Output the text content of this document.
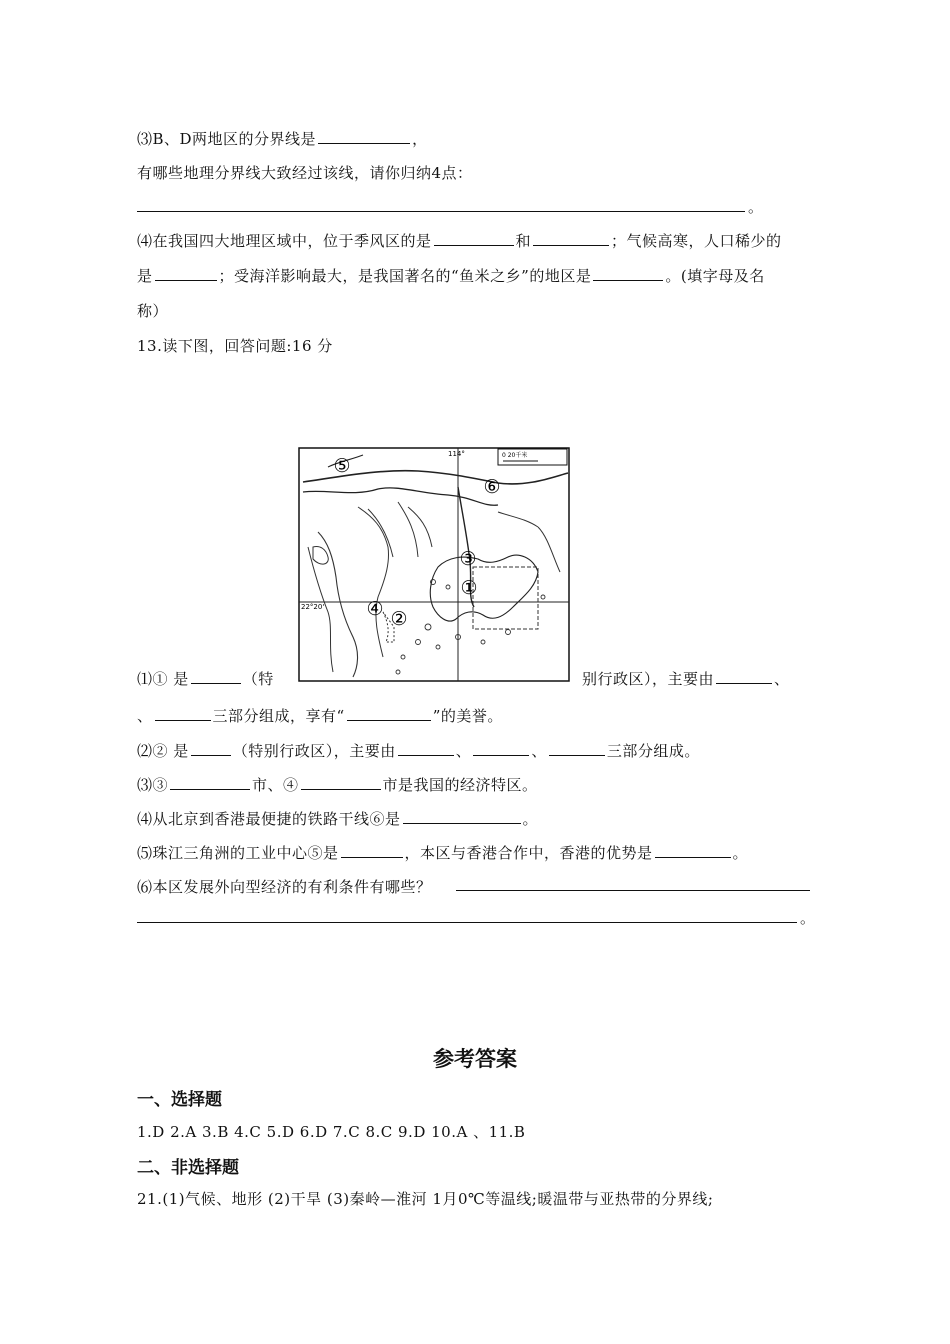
⑶B、D两地区的分界线是	，
有哪些地理分界线大致经过该线，请你归纳4点：
。
⑷在我国四大地理区域中，位于季风区的是	和	；气候高寒，人口稀少的
是	；受海洋影响最大，是我国著名的“鱼米之乡”的地区是	。(填字母及名
称）
13.读下图，回答问题:16 分
114°
22°20'
0 20千米
⑤
⑥
③
①
④ ②
⑴① 是	（特	别行政区），主要由	、
、	三部分组成，享有“	”的美誉。
⑵② 是	（特别行政区），主要由	、	、	三部分组成。
⑶③	市、④	市是我国的经济特区。
⑷从北京到香港最便捷的铁路干线⑥是	。
⑸珠江三角洲的工业中心⑤是	，本区与香港合作中，香港的优势是	。
⑹本区发展外向型经济的有利条件有哪些？
。
参考答案
一、选择题
1.D 2.A 3.B 4.C 5.D 6.D 7.C 8.C 9.D 10.A 、11.B
二、非选择题
21.(1)气候、地形 (2)干旱 (3)秦岭—淮河 1月0℃等温线;暖温带与亚热带的分界线;
